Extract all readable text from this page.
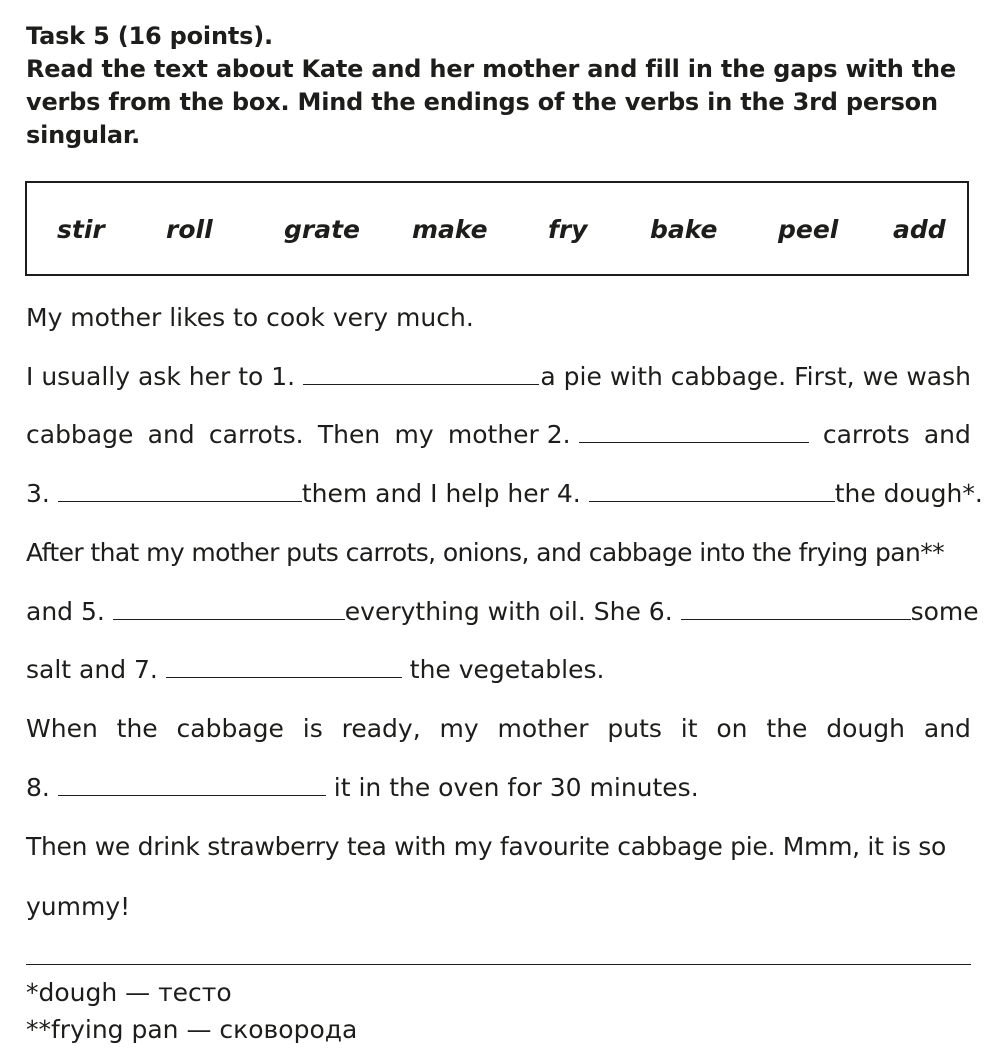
Task 5 (16 points).
Read the text about Kate and her mother and fill in the gaps with the
verbs from the box. Mind the endings of the verbs in the 3rd person
singular.
stir roll	grate make fry bake peel add
My mother likes to cook very much.
I usually ask her to 1.	a pie with cabbage. First, we wash
cabbage and carrots. Then my mother 2.	carrots and
3.	them and I help her 4.	the dough*.
After that my mother puts carrots, onions, and cabbage into the frying pan**
and 5.	everything with oil. She 6.	some
salt and 7.	the vegetables.
When the cabbage is ready, my mother puts it on the dough and
8.	it in the oven for 30 minutes.
Then we drink strawberry tea with my favourite cabbage pie. Mmm, it is so
yummy!
*dough — тесто
**frying pan — сковорода
